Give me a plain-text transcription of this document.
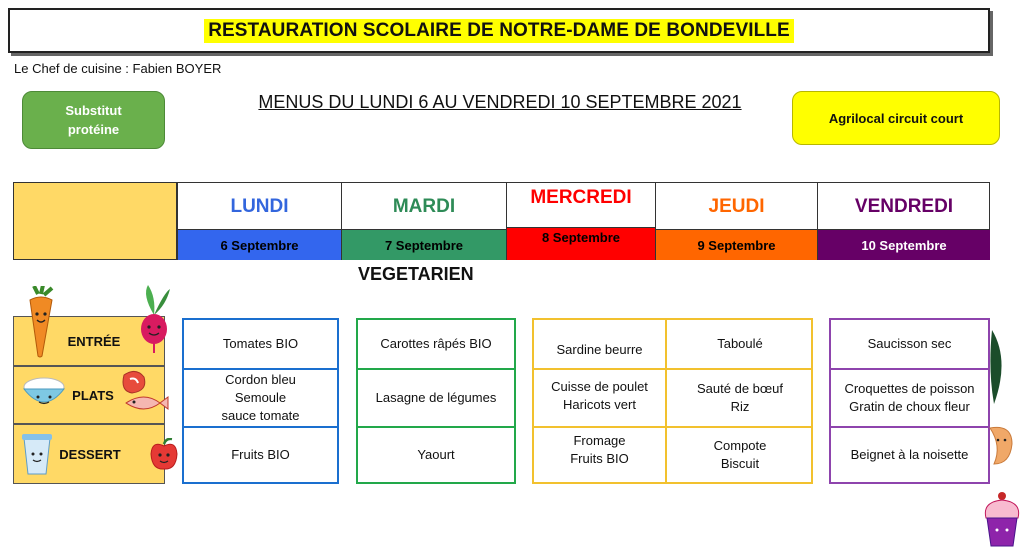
RESTAURATION SCOLAIRE DE NOTRE-DAME DE BONDEVILLE
Le Chef de cuisine : Fabien BOYER
Substitut protéine
MENUS DU LUNDI 6 AU VENDREDI 10 SEPTEMBRE 2021
Agrilocal circuit court
LUNDI
6 Septembre
MARDI
7 Septembre
MERCREDI
8 Septembre
JEUDI
9 Septembre
VENDREDI
10 Septembre
VEGETARIEN
ENTRÉE
PLATS
DESSERT
Tomates BIO
Cordon bleu
Semoule
sauce tomate
Fruits BIO
Carottes râpés BIO
Lasagne de légumes
Yaourt
Sardine beurre
Cuisse de poulet
Haricots vert
Fromage
Fruits BIO
Taboulé
Sauté de bœuf
Riz
Compote
Biscuit
Saucisson sec
Croquettes de poisson
Gratin de choux fleur
Beignet à la noisette
